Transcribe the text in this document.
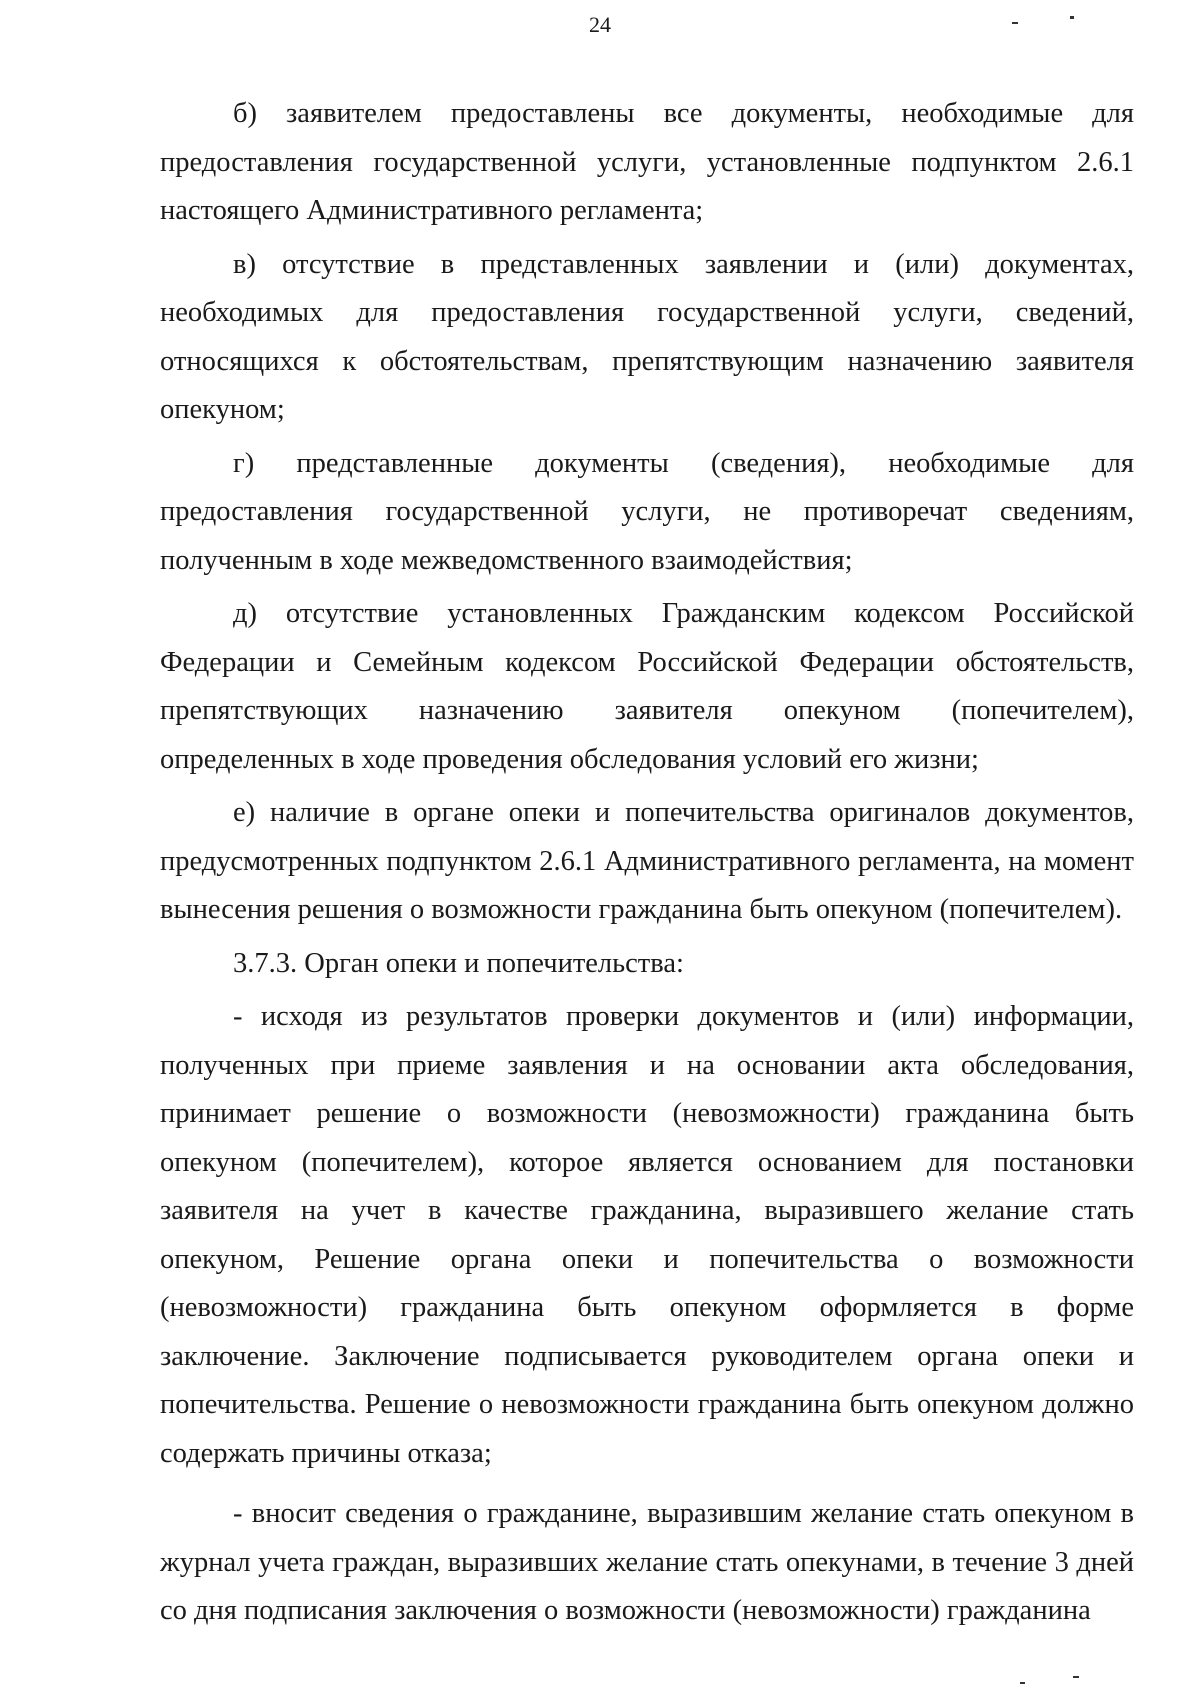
24

б) заявителем предоставлены все документы, необходимые для предоставления государственной услуги, установленные подпунктом 2.6.1 настоящего Административного регламента;

в) отсутствие в представленных заявлении и (или) документах, необходимых для предоставления государственной услуги, сведений, относящихся к обстоятельствам, препятствующим назначению заявителя опекуном;

г) представленные документы (сведения), необходимые для предоставления государственной услуги, не противоречат сведениям, полученным в ходе межведомственного взаимодействия;

д) отсутствие установленных Гражданским кодексом Российской Федерации и Семейным кодексом Российской Федерации обстоятельств, препятствующих назначению заявителя опекуном (попечителем), определенных в ходе проведения обследования условий его жизни;

е) наличие в органе опеки и попечительства оригиналов документов, предусмотренных подпунктом 2.6.1 Административного регламента, на момент вынесения решения о возможности гражданина быть опекуном (попечителем).

3.7.3. Орган опеки и попечительства:

- исходя из результатов проверки документов и (или) информации, полученных при приеме заявления и на основании акта обследования, принимает решение о возможности (невозможности) гражданина быть опекуном (попечителем), которое является основанием для постановки заявителя на учет в качестве гражданина, выразившего желание стать опекуном, Решение органа опеки и попечительства о возможности (невозможности) гражданина быть опекуном оформляется в форме заключение. Заключение подписывается руководителем органа опеки и попечительства. Решение о невозможности гражданина быть опекуном должно содержать причины отказа;

- вносит сведения о гражданине, выразившим желание стать опекуном в журнал учета граждан, выразивших желание стать опекунами, в течение 3 дней со дня подписания заключения о возможности (невозможности) гражданина
